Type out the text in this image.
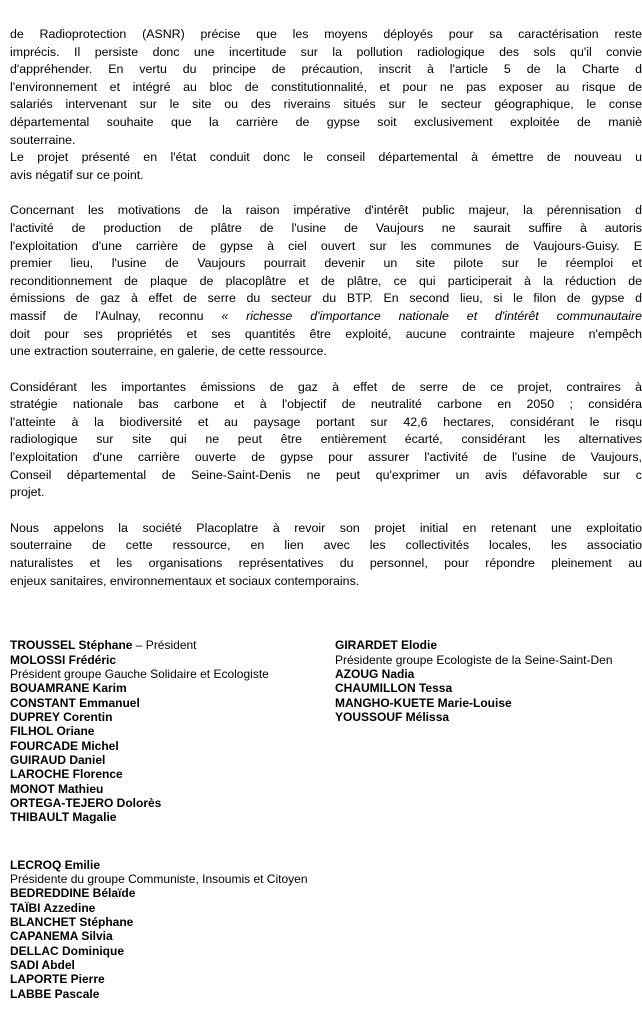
de Radioprotection (ASNR) précise que les moyens déployés pour sa caractérisation reste
imprécis. Il persiste donc une incertitude sur la pollution radiologique des sols qu'il convie
d'appréhender. En vertu du principe de précaution, inscrit à l'article 5 de la Charte d
l'environnement et intégré au bloc de constitutionnalité, et pour ne pas exposer au risque de
salariés intervenant sur le site ou des riverains situés sur le secteur géographique, le conse
départemental souhaite que la carrière de gypse soit exclusivement exploitée de maniè
souterraine.
Le projet présenté en l'état conduit donc le conseil départemental à émettre de nouveau u
avis négatif sur ce point.
Concernant les motivations de la raison impérative d'intérêt public majeur, la pérennisation d
l'activité de production de plâtre de l'usine de Vaujours ne saurait suffire à autoris
l'exploitation d'une carrière de gypse à ciel ouvert sur les communes de Vaujours-Guisy. E
premier lieu, l'usine de Vaujours pourrait devenir un site pilote sur le réemploi et
reconditionnement de plaque de placoplâtre et de plâtre, ce qui participerait à la réduction de
émissions de gaz à effet de serre du secteur du BTP. En second lieu, si le filon de gypse d
massif de l'Aulnay, reconnu « richesse d'importance nationale et d'intérêt communautaire
doit pour ses propriétés et ses quantités être exploité, aucune contrainte majeure n'empêch
une extraction souterraine, en galerie, de cette ressource.
Considérant les importantes émissions de gaz à effet de serre de ce projet, contraires à
stratégie nationale bas carbone et à l'objectif de neutralité carbone en 2050 ; considéra
l'atteinte à la biodiversité et au paysage portant sur 42,6 hectares, considérant le risqu
radiologique sur site qui ne peut être entièrement écarté, considérant les alternatives
l'exploitation d'une carrière ouverte de gypse pour assurer l'activité de l'usine de Vaujours,
Conseil départemental de Seine-Saint-Denis ne peut qu'exprimer un avis défavorable sur c
projet.
Nous appelons la société Placoplatre à revoir son projet initial en retenant une exploitatio
souterraine de cette ressource, en lien avec les collectivités locales, les associatio
naturalistes et les organisations représentatives du personnel, pour répondre pleinement au
enjeux sanitaires, environnementaux et sociaux contemporains.
TROUSSEL Stéphane – Président
MOLOSSI Frédéric
Président groupe Gauche Solidaire et Ecologiste
BOUAMRANE Karim
CONSTANT Emmanuel
DUPREY Corentin
FILHOL Oriane
FOURCADE Michel
GUIRAUD Daniel
LAROCHE Florence
MONOT Mathieu
ORTEGA-TEJERO Dolorès
THIBAULT Magalie
LECROQ Emilie
Présidente du groupe Communiste, Insoumis et Citoyen
BEDREDDINE Bélaïde
TAÏBI Azzedine
BLANCHET Stéphane
CAPANEMA Silvia
DELLAC Dominique
SADI Abdel
LAPORTE Pierre
LABBE Pascale
GIRARDET Elodie
Présidente groupe Ecologiste de la Seine-Saint-Den
AZOUG Nadia
CHAUMILLON Tessa
MANGHO-KUETE Marie-Louise
YOUSSOUF Mélissa
